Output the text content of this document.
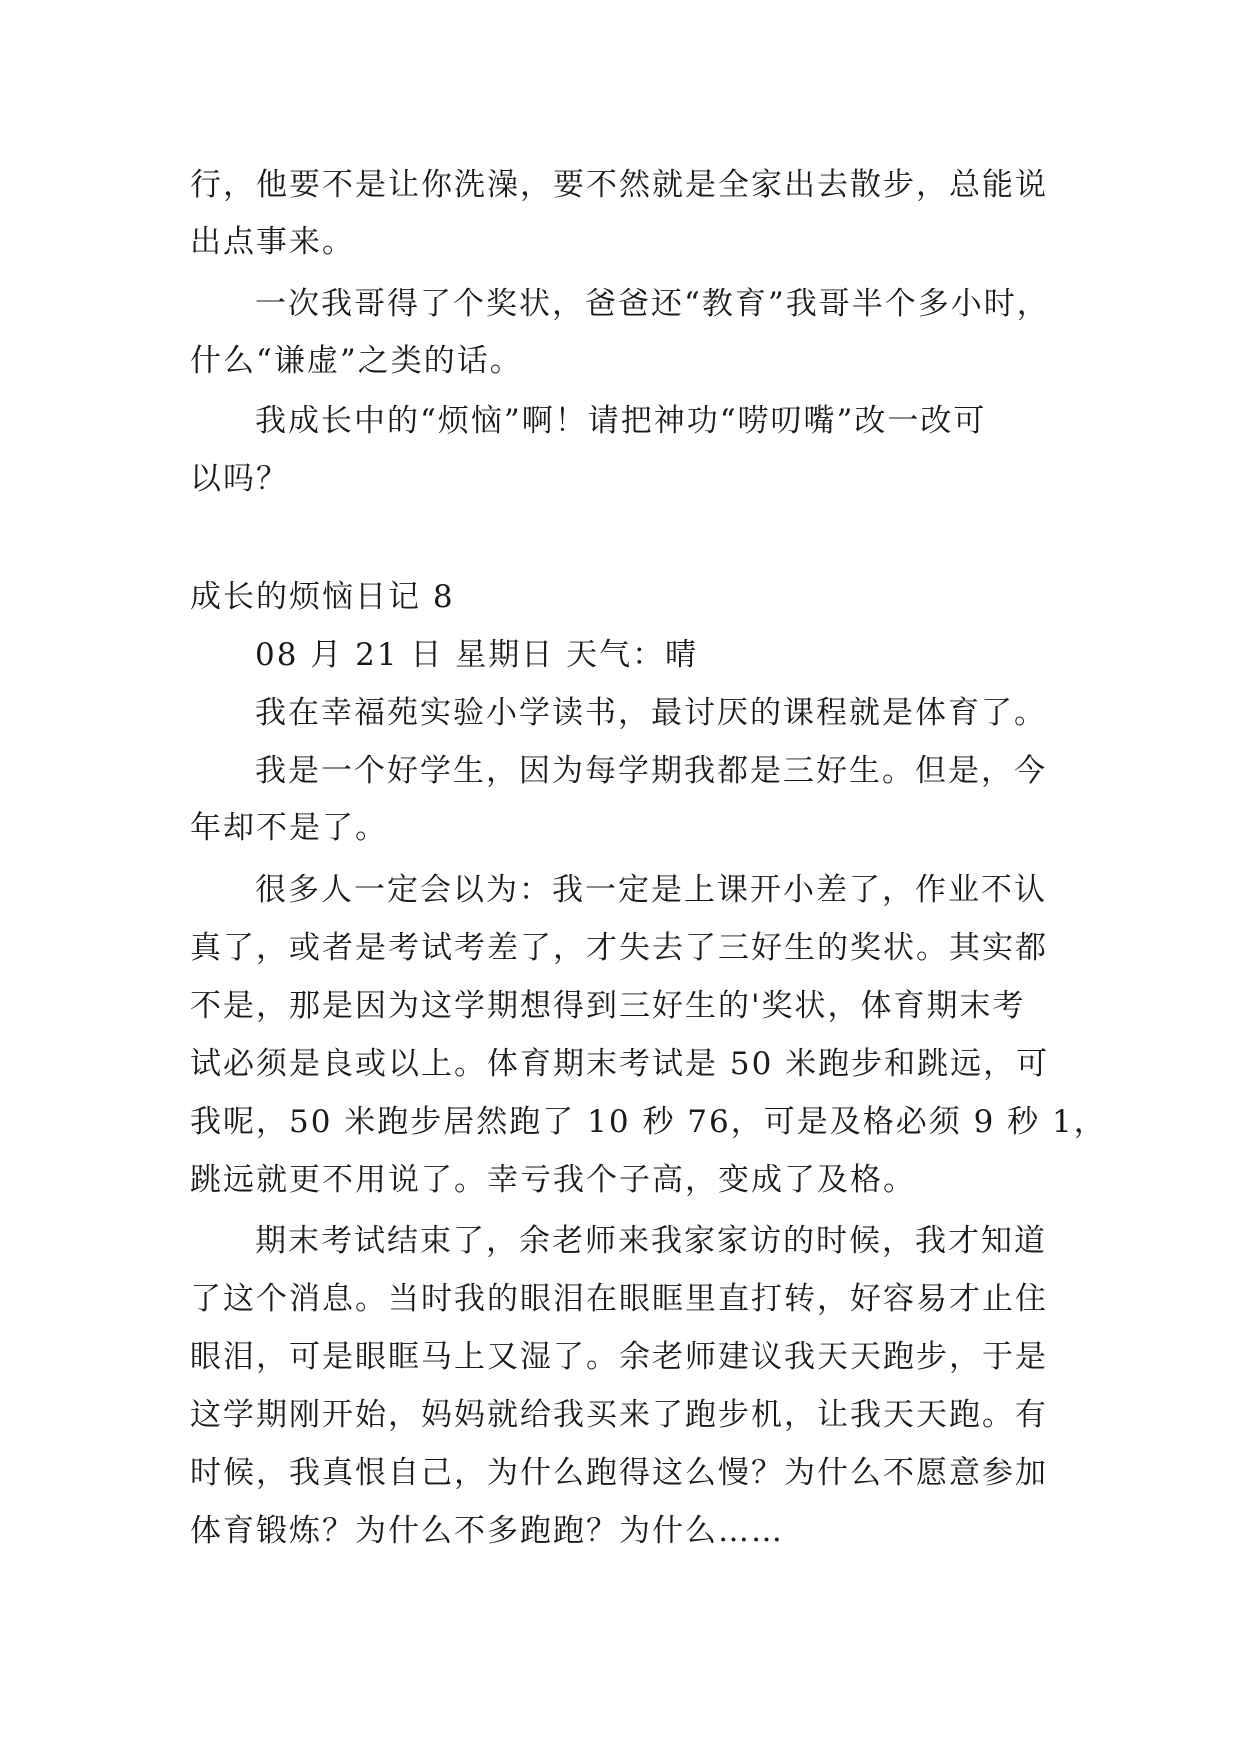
行，他要不是让你洗澡，要不然就是全家出去散步，总能说
出点事来。
一次我哥得了个奖状，爸爸还“教育”我哥半个多小时，
什么“谦虚”之类的话。
我成长中的“烦恼”啊！请把神功“唠叨嘴”改一改可
以吗？
成长的烦恼日记 8
08 月 21 日 星期日 天气：晴
我在幸福苑实验小学读书，最讨厌的课程就是体育了。
我是一个好学生，因为每学期我都是三好生。但是，今
年却不是了。
很多人一定会以为：我一定是上课开小差了，作业不认
真了，或者是考试考差了，才失去了三好生的奖状。其实都
不是，那是因为这学期想得到三好生的'奖状，体育期末考
试必须是良或以上。体育期末考试是 50 米跑步和跳远，可
我呢，50 米跑步居然跑了 10 秒 76，可是及格必须 9 秒 1，
跳远就更不用说了。幸亏我个子高，变成了及格。
期末考试结束了，余老师来我家家访的时候，我才知道
了这个消息。当时我的眼泪在眼眶里直打转，好容易才止住
眼泪，可是眼眶马上又湿了。余老师建议我天天跑步，于是
这学期刚开始，妈妈就给我买来了跑步机，让我天天跑。有
时候，我真恨自己，为什么跑得这么慢？为什么不愿意参加
体育锻炼？为什么不多跑跑？为什么……
